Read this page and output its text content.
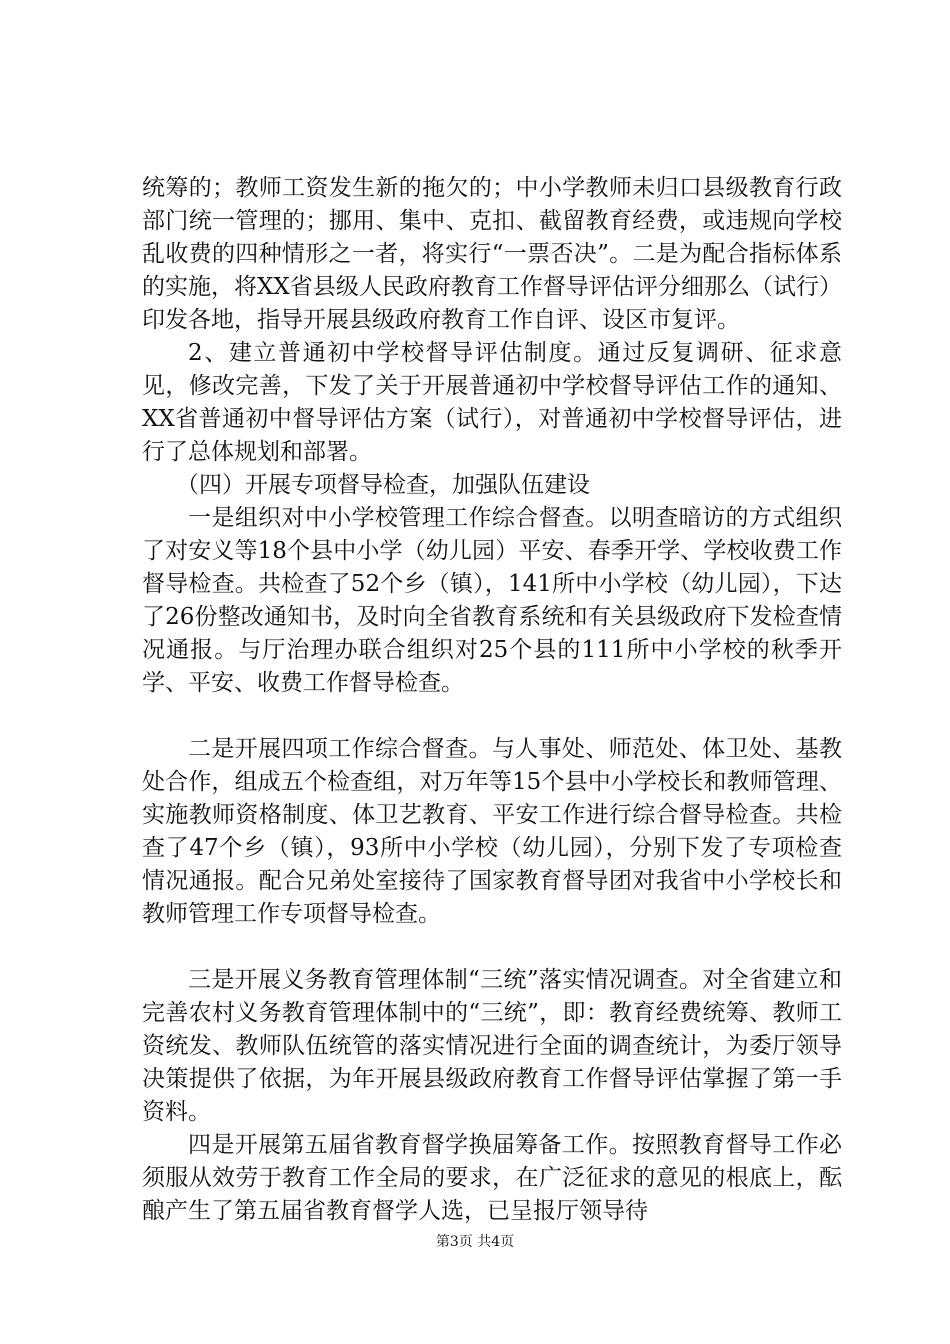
统筹的；教师工资发生新的拖欠的；中小学教师未归口县级教育行政部门统一管理的；挪用、集中、克扣、截留教育经费，或违规向学校乱收费的四种情形之一者，将实行“一票否决”。二是为配合指标体系的实施，将XX省县级人民政府教育工作督导评估评分细那么（试行）印发各地，指导开展县级政府教育工作自评、设区市复评。

2、建立普通初中学校督导评估制度。通过反复调研、征求意见，修改完善，下发了关于开展普通初中学校督导评估工作的通知、XX省普通初中督导评估方案（试行），对普通初中学校督导评估，进行了总体规划和部署。

（四）开展专项督导检查，加强队伍建设

一是组织对中小学校管理工作综合督查。以明查暗访的方式组织了对安义等18个县中小学（幼儿园）平安、春季开学、学校收费工作督导检查。共检查了52个乡（镇），141所中小学校（幼儿园），下达了26份整改通知书，及时向全省教育系统和有关县级政府下发检查情况通报。与厅治理办联合组织对25个县的111所中小学校的秋季开学、平安、收费工作督导检查。

二是开展四项工作综合督查。与人事处、师范处、体卫处、基教处合作，组成五个检查组，对万年等15个县中小学校长和教师管理、实施教师资格制度、体卫艺教育、平安工作进行综合督导检查。共检查了47个乡（镇），93所中小学校（幼儿园），分别下发了专项检查情况通报。配合兄弟处室接待了国家教育督导团对我省中小学校长和教师管理工作专项督导检查。

三是开展义务教育管理体制“三统”落实情况调查。对全省建立和完善农村义务教育管理体制中的“三统”，即：教育经费统筹、教师工资统发、教师队伍统管的落实情况进行全面的调查统计，为委厅领导决策提供了依据，为年开展县级政府教育工作督导评估掌握了第一手资料。

四是开展第五届省教育督学换届筹备工作。按照教育督导工作必须服从效劳于教育工作全局的要求，在广泛征求的意见的根底上，酝酿产生了第五届省教育督学人选，已呈报厅领导待

第3页 共4页
